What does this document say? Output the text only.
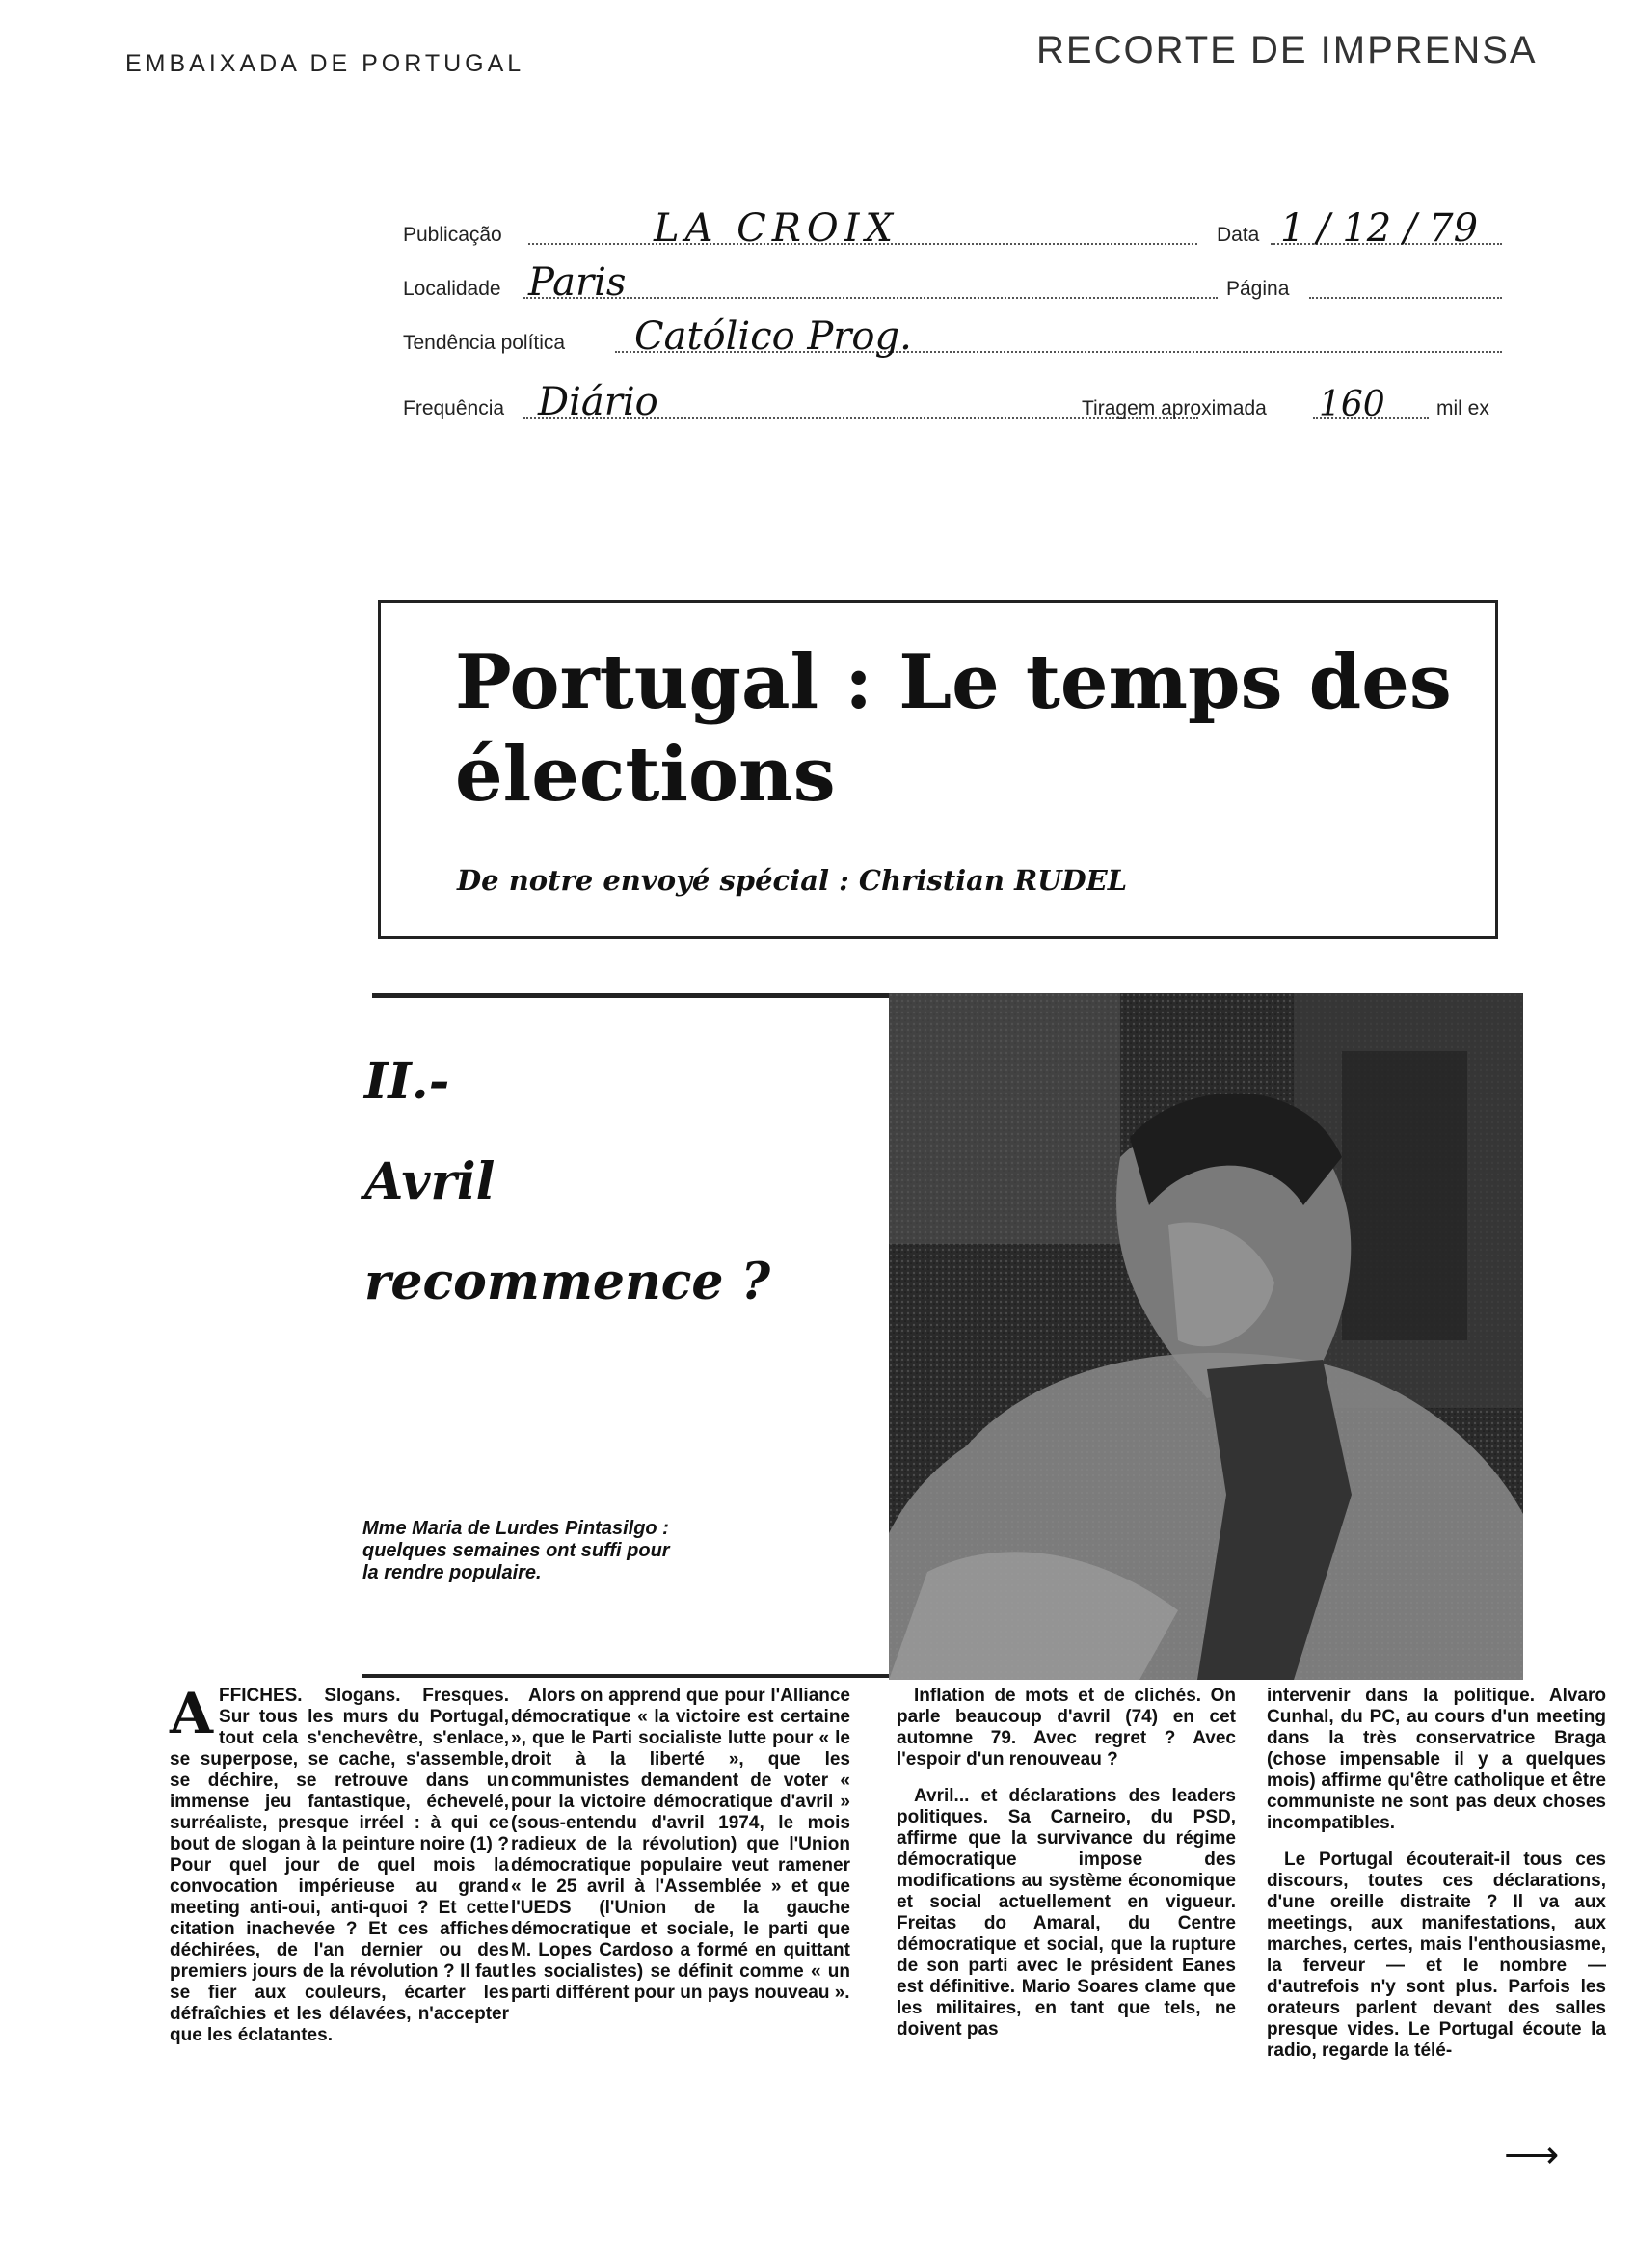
EMBAIXADA DE PORTUGAL	RECORTE DE IMPRENSA
Publicação	LA CROIX	Data 1 / 12 / 79
Localidade Paris	Página
Tendência política Católico Prog.
Frequência Diário	Tiragem aproximada 160	mil ex
Portugal : Le temps des élections
De notre envoyé spécial : Christian RUDEL
II.-
Avril
recommence ?
Mme Maria de Lurdes Pintasilgo : quelques semaines ont suffi pour la rendre populaire.

AFFICHES. Slogans. Fresques. Sur tous les murs du Portugal, tout cela s'enchevêtre, s'enlace, se superpose, se cache, s'assemble, se déchire, se retrouve dans un immense jeu fantastique, échevelé, surréaliste, presque irréel : à qui ce bout de slogan à la peinture noire (1) ? Pour quel jour de quel mois la convocation impérieuse au grand meeting anti-oui, anti-quoi ? Et cette citation inachevée ? Et ces affiches déchirées, de l'an dernier ou des premiers jours de la révolution ? Il faut se fier aux couleurs, écarter les défraîchies et les délavées, n'accepter que les éclatantes.

Alors on apprend que pour l'Alliance démocratique « la victoire est certaine », que le Parti socialiste lutte pour « le droit à la liberté », que les communistes demandent de voter « pour la victoire démocratique d'avril » (sous-entendu d'avril 1974, le mois radieux de la révolution) que l'Union démocratique populaire veut ramener « le 25 avril à l'Assemblée » et que l'UEDS (l'Union de la gauche démocratique et sociale, le parti que M. Lopes Cardoso a formé en quittant les socialistes) se définit comme « un parti différent pour un pays nouveau ».

Inflation de mots et de clichés. On parle beaucoup d'avril (74) en cet automne 79. Avec regret ? Avec l'espoir d'un renouveau ?

Avril... et déclarations des leaders politiques. Sa Carneiro, du PSD, affirme que la survivance du régime démocratique impose des modifications au système économique et social actuellement en vigueur. Freitas do Amaral, du Centre démocratique et social, que la rupture de son parti avec le président Eanes est définitive. Mario Soares clame que les militaires, en tant que tels, ne doivent pas

intervenir dans la politique. Alvaro Cunhal, du PC, au cours d'un meeting dans la très conservatrice Braga (chose impensable il y a quelques mois) affirme qu'être catholique et être communiste ne sont pas deux choses incompatibles.

Le Portugal écouterait-il tous ces discours, toutes ces déclarations, d'une oreille distraite ? Il va aux meetings, aux manifestations, aux marches, certes, mais l'enthousiasme, la ferveur — et le nombre — d'autrefois n'y sont plus. Parfois les orateurs parlent devant des salles presque vides. Le Portugal écoute la radio, regarde la télé-

⟶
